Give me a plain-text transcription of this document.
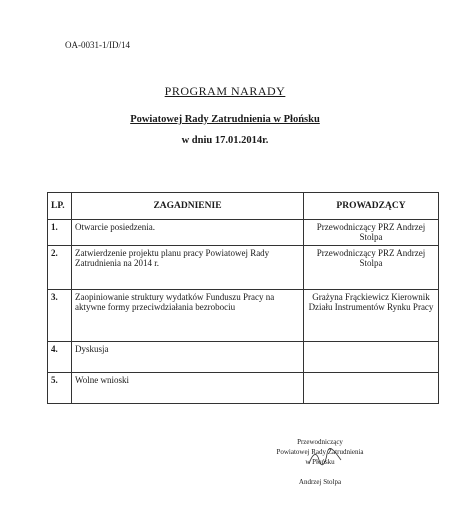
OA-0031-1/ID/14
PROGRAM NARADY
Powiatowej Rady Zatrudnienia w Płońsku
w dniu 17.01.2014r.
LP.	ZAGADNIENIE	PROWADZĄCY
1.	Otwarcie posiedzenia.	Przewodniczący PRZ Andrzej Stolpa
2.	Zatwierdzenie projektu planu pracy Powiatowej Rady Zatrudnienia na 2014 r.	Przewodniczący PRZ Andrzej Stolpa
3.	Zaopiniowanie struktury wydatków Funduszu Pracy na aktywne formy przeciwdziałania bezrobociu	Grażyna Frąckiewicz Kierownik Działu Instrumentów Rynku Pracy
4.	Dyskusja	
5.	Wolne wnioski	
Przewodniczący
Powiatowej Rady Zatrudnienia
w Płońsku
Andrzej Stolpa
